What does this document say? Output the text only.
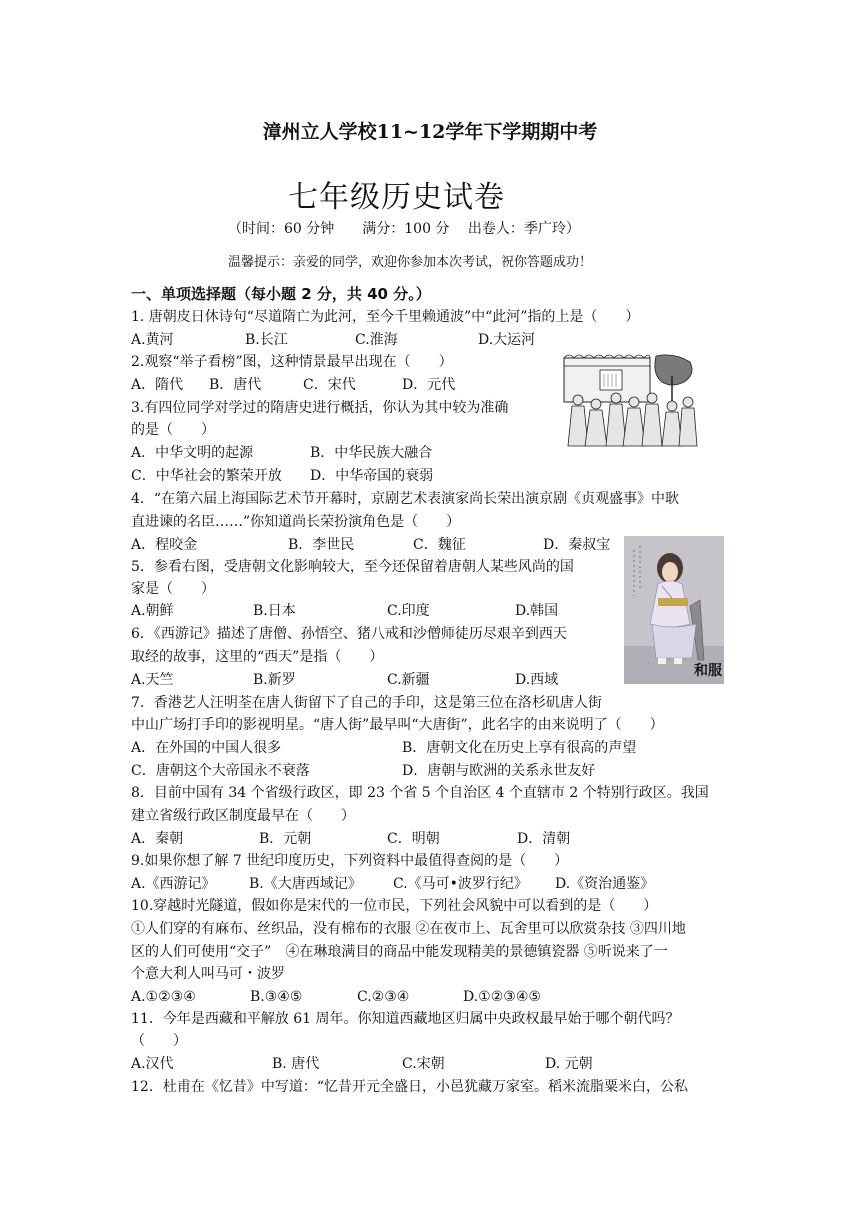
漳州立人学校11~12学年下学期期中考
七年级历史试卷
（时间：60 分钟　　满分：100 分　 出卷人：季广玲）
温馨提示：亲爱的同学，欢迎你参加本次考试，祝你答题成功！
一、单项选择题（每小题 2 分，共 40 分。）
1. 唐朝皮日休诗句“尽道隋亡为此河，至今千里赖通波”中“此河”指的上是（　　）
A.黄河	B.长江	C.淮海	D.大运河
2.观察“举子看榜”图，这种情景最早出现在（　　）
A．隋代 B．唐代	C．宋代	D．元代
3.有四位同学对学过的隋唐史进行概括，你认为其中较为准确
的是（　　）
A．中华文明的起源	B．中华民族大融合
C．中华社会的繁荣开放 D．中华帝国的衰弱
4．“在第六届上海国际艺术节开幕时，京剧艺术表演家尚长荣出演京剧《贞观盛事》中耿
直进谏的名臣……”你知道尚长荣扮演角色是（　　）
A．程咬金	B．李世民	C．魏征	D．秦叔宝
5．参看右图，受唐朝文化影响较大，至今还保留着唐朝人某些风尚的国
家是（　　）
A.朝鲜	B.日本	C.印度	D.韩国
6．《西游记》描述了唐僧、孙悟空、猪八戒和沙僧师徒历尽艰辛到西天
取经的故事，这里的“西天”是指（　　）
A.天竺	B.新罗	C.新疆	D.西域
7．香港艺人汪明荃在唐人街留下了自己的手印，这是第三位在洛杉矶唐人街
中山广场打手印的影视明星。“唐人街”最早叫“大唐街”，此名字的由来说明了（　　）
A．在外国的中国人很多	B．唐朝文化在历史上享有很高的声望
C．唐朝这个大帝国永不衰落	D．唐朝与欧洲的关系永世友好
8．目前中国有 34 个省级行政区，即 23 个省 5 个自治区 4 个直辖市 2 个特别行政区。我国
建立省级行政区制度最早在（　　）
A．秦朝	B．元朝	C．明朝	D．清朝
9.如果你想了解 7 世纪印度历史，下列资料中最值得查阅的是（　　）
A.《西游记》 B.《大唐西域记》 C.《马可•波罗行纪》 D.《资治通鉴》
10.穿越时光隧道，假如你是宋代的一位市民，下列社会风貌中可以看到的是（　　）
①人们穿的有麻布、丝织品，没有棉布的衣服 ②在夜市上、瓦舍里可以欣赏杂技 ③四川地
区的人们可使用“交子”　④在琳琅满目的商品中能发现精美的景德镇瓷器 ⑤听说来了一
个意大利人叫马可・波罗
A.①②③④	B.③④⑤	C.②③④	D.①②③④⑤
11．今年是西藏和平解放 61 周年。你知道西藏地区归属中央政权最早始于哪个朝代吗？
（　　）
A.汉代	B. 唐代	C.宋朝	D. 元朝
12．杜甫在《忆昔》中写道：“忆昔开元全盛日，小邑犹藏万家室。稻米流脂粟米白，公私
和服
